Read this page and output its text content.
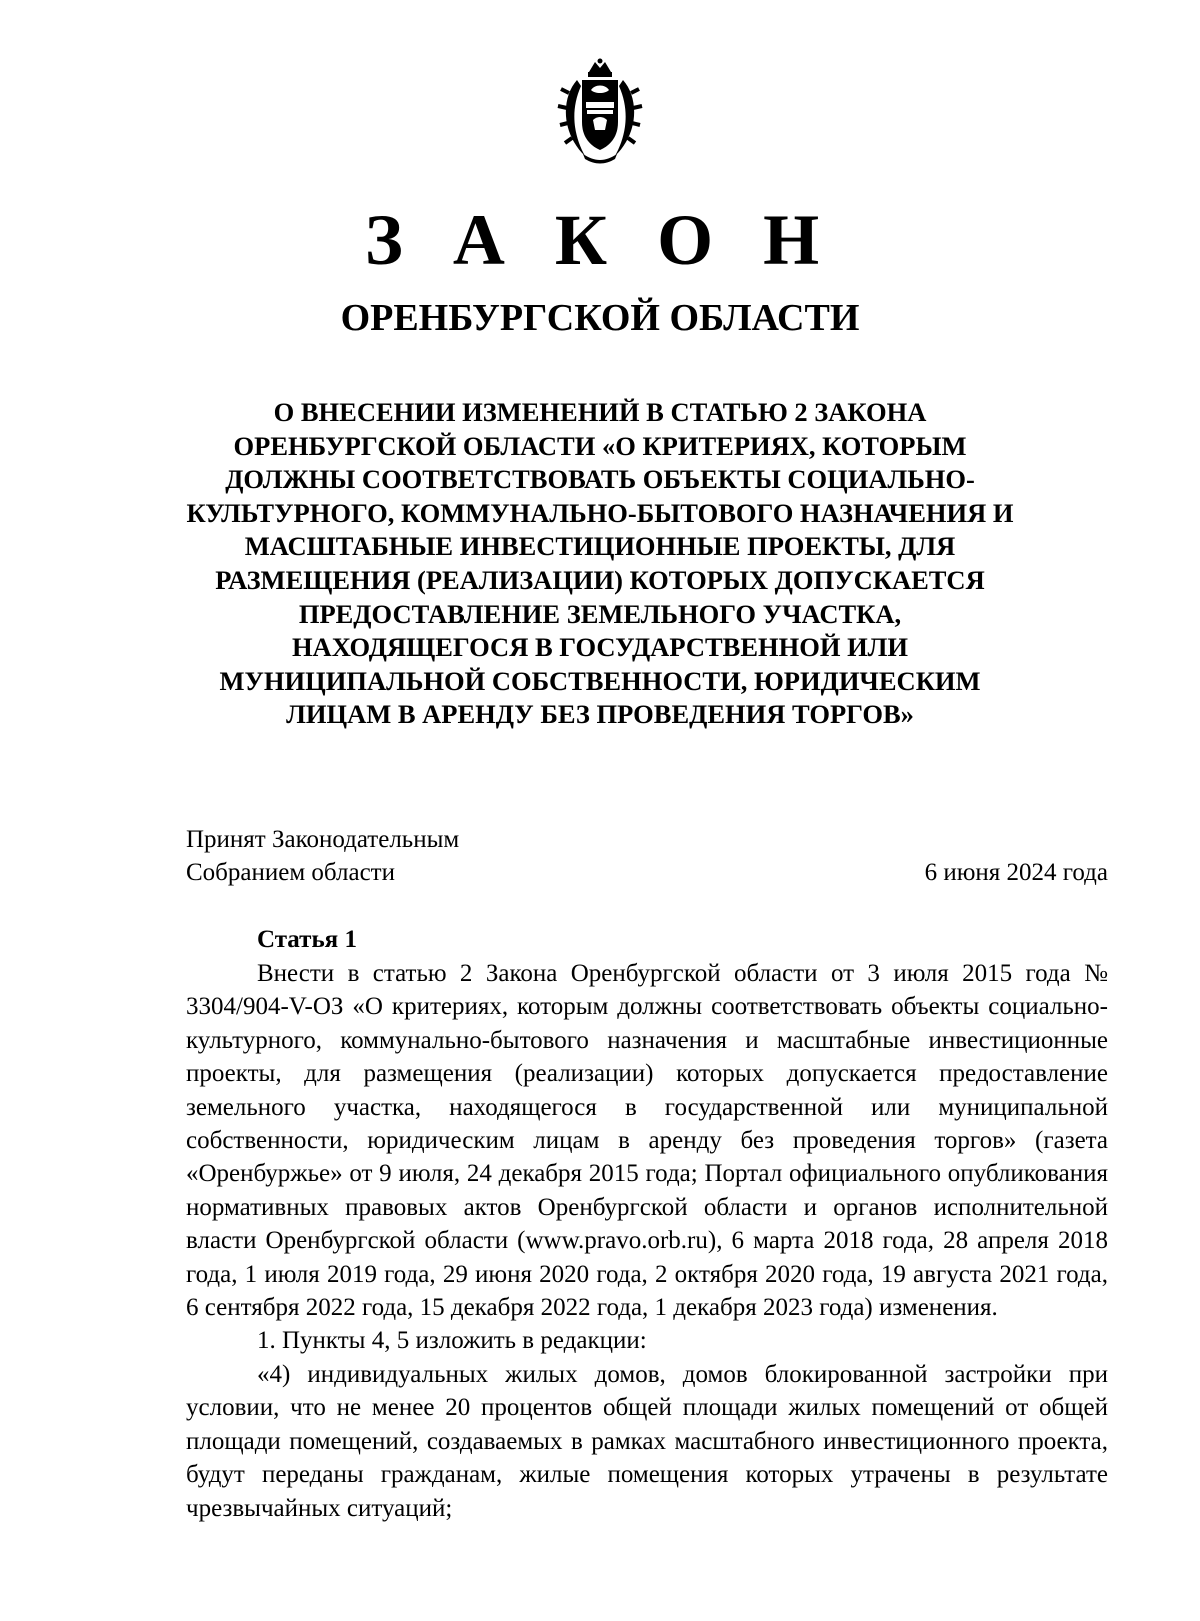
З А К О Н
ОРЕНБУРГСКОЙ ОБЛАСТИ
О ВНЕСЕНИИ ИЗМЕНЕНИЙ В СТАТЬЮ 2 ЗАКОНА
ОРЕНБУРГСКОЙ ОБЛАСТИ «О КРИТЕРИЯХ, КОТОРЫМ
ДОЛЖНЫ СООТВЕТСТВОВАТЬ ОБЪЕКТЫ СОЦИАЛЬНО-
КУЛЬТУРНОГО, КОММУНАЛЬНО-БЫТОВОГО НАЗНАЧЕНИЯ И
МАСШТАБНЫЕ ИНВЕСТИЦИОННЫЕ ПРОЕКТЫ, ДЛЯ
РАЗМЕЩЕНИЯ (РЕАЛИЗАЦИИ) КОТОРЫХ ДОПУСКАЕТСЯ
ПРЕДОСТАВЛЕНИЕ ЗЕМЕЛЬНОГО УЧАСТКА,
НАХОДЯЩЕГОСЯ В ГОСУДАРСТВЕННОЙ ИЛИ
МУНИЦИПАЛЬНОЙ СОБСТВЕННОСТИ, ЮРИДИЧЕСКИМ
ЛИЦАМ В АРЕНДУ БЕЗ ПРОВЕДЕНИЯ ТОРГОВ»
Принят Законодательным
Собранием области	6 июня 2024 года
Статья 1

Внести в статью 2 Закона Оренбургской области от 3 июля 2015 года № 3304/904-V-ОЗ «О критериях, которым должны соответствовать объекты социально-культурного, коммунально-бытового назначения и масштабные инвестиционные проекты, для размещения (реализации) которых допускается предоставление земельного участка, находящегося в государственной или муниципальной собственности, юридическим лицам в аренду без проведения торгов» (газета «Оренбуржье» от 9 июля, 24 декабря 2015 года; Портал официального опубликования нормативных правовых актов Оренбургской области и органов исполнительной власти Оренбургской области (www.pravo.orb.ru), 6 марта 2018 года, 28 апреля 2018 года, 1 июля 2019 года, 29 июня 2020 года, 2 октября 2020 года, 19 августа 2021 года, 6 сентября 2022 года, 15 декабря 2022 года, 1 декабря 2023 года) изменения.

1. Пункты 4, 5 изложить в редакции:

«4) индивидуальных жилых домов, домов блокированной застройки при условии, что не менее 20 процентов общей площади жилых помещений от общей площади помещений, создаваемых в рамках масштабного инвестиционного проекта, будут переданы гражданам, жилые помещения которых утрачены в результате чрезвычайных ситуаций;
